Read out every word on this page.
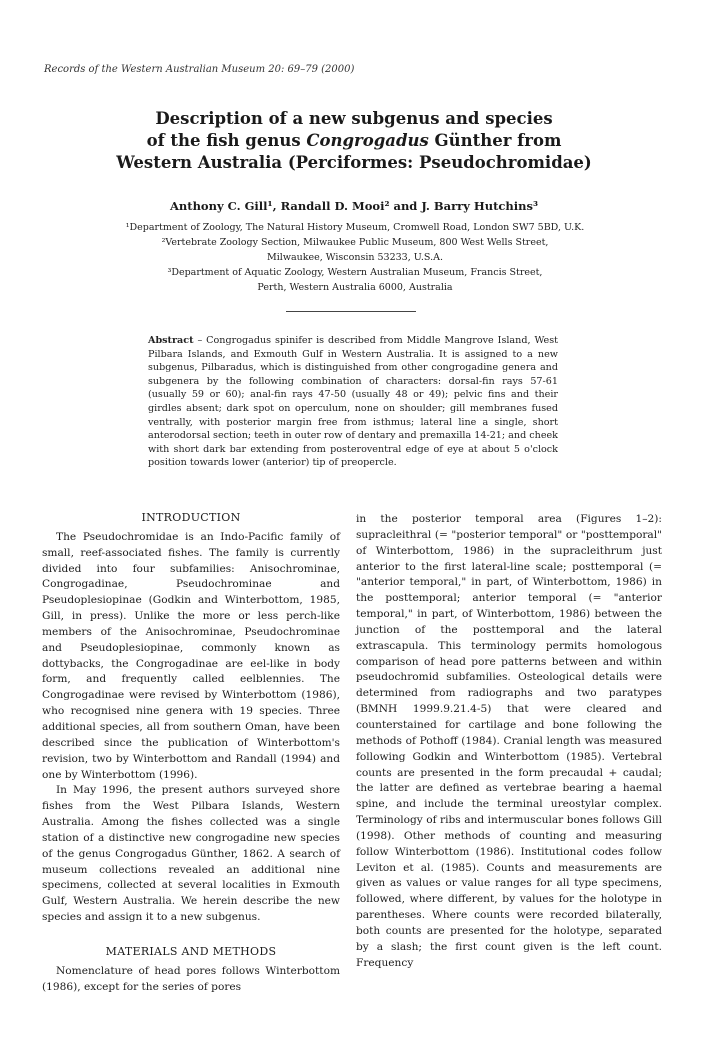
Records of the Western Australian Museum 20: 69–79 (2000)
Description of a new subgenus and species
of the fish genus Congrogadus Günther from
Western Australia (Perciformes: Pseudochromidae)
Anthony C. Gill¹, Randall D. Mooi² and J. Barry Hutchins³
¹Department of Zoology, The Natural History Museum, Cromwell Road, London SW7 5BD, U.K.
²Vertebrate Zoology Section, Milwaukee Public Museum, 800 West Wells Street,
Milwaukee, Wisconsin 53233, U.S.A.
³Department of Aquatic Zoology, Western Australian Museum, Francis Street,
Perth, Western Australia 6000, Australia
Abstract – Congrogadus spinifer is described from Middle Mangrove Island, West Pilbara Islands, and Exmouth Gulf in Western Australia. It is assigned to a new subgenus, Pilbaradus, which is distinguished from other congrogadine genera and subgenera by the following combination of characters: dorsal-fin rays 57-61 (usually 59 or 60); anal-fin rays 47-50 (usually 48 or 49); pelvic fins and their girdles absent; dark spot on operculum, none on shoulder; gill membranes fused ventrally, with posterior margin free from isthmus; lateral line a single, short anterodorsal section; teeth in outer row of dentary and premaxilla 14-21; and cheek with short dark bar extending from posteroventral edge of eye at about 5 o'clock position towards lower (anterior) tip of preopercle.
INTRODUCTION

The Pseudochromidae is an Indo-Pacific family of small, reef-associated fishes. The family is currently divided into four subfamilies: Anisochrominae, Congrogadinae, Pseudochrominae and Pseudoplesiopinae (Godkin and Winterbottom, 1985, Gill, in press). Unlike the more or less perch-like members of the Anisochrominae, Pseudochrominae and Pseudoplesiopinae, commonly known as dottybacks, the Congrogadinae are eel-like in body form, and frequently called eelblennies. The Congrogadinae were revised by Winterbottom (1986), who recognised nine genera with 19 species. Three additional species, all from southern Oman, have been described since the publication of Winterbottom's revision, two by Winterbottom and Randall (1994) and one by Winterbottom (1996).

In May 1996, the present authors surveyed shore fishes from the West Pilbara Islands, Western Australia. Among the fishes collected was a single station of a distinctive new congrogadine new species of the genus Congrogadus Günther, 1862. A search of museum collections revealed an additional nine specimens, collected at several localities in Exmouth Gulf, Western Australia. We herein describe the new species and assign it to a new subgenus.

MATERIALS AND METHODS

Nomenclature of head pores follows Winterbottom (1986), except for the series of pores

in the posterior temporal area (Figures 1–2): supracleithral (= "posterior temporal" or "posttemporal" of Winterbottom, 1986) in the supracleithrum just anterior to the first lateral-line scale; posttemporal (= "anterior temporal," in part, of Winterbottom, 1986) in the posttemporal; anterior temporal (= "anterior temporal," in part, of Winterbottom, 1986) between the junction of the posttemporal and the lateral extrascapula. This terminology permits homologous comparison of head pore patterns between and within pseudochromid subfamilies. Osteological details were determined from radiographs and two paratypes (BMNH 1999.9.21.4-5) that were cleared and counterstained for cartilage and bone following the methods of Pothoff (1984). Cranial length was measured following Godkin and Winterbottom (1985). Vertebral counts are presented in the form precaudal + caudal; the latter are defined as vertebrae bearing a haemal spine, and include the terminal ureostylar complex. Terminology of ribs and intermuscular bones follows Gill (1998). Other methods of counting and measuring follow Winterbottom (1986). Institutional codes follow Leviton et al. (1985). Counts and measurements are given as values or value ranges for all type specimens, followed, where different, by values for the holotype in parentheses. Where counts were recorded bilaterally, both counts are presented for the holotype, separated by a slash; the first count given is the left count. Frequency
